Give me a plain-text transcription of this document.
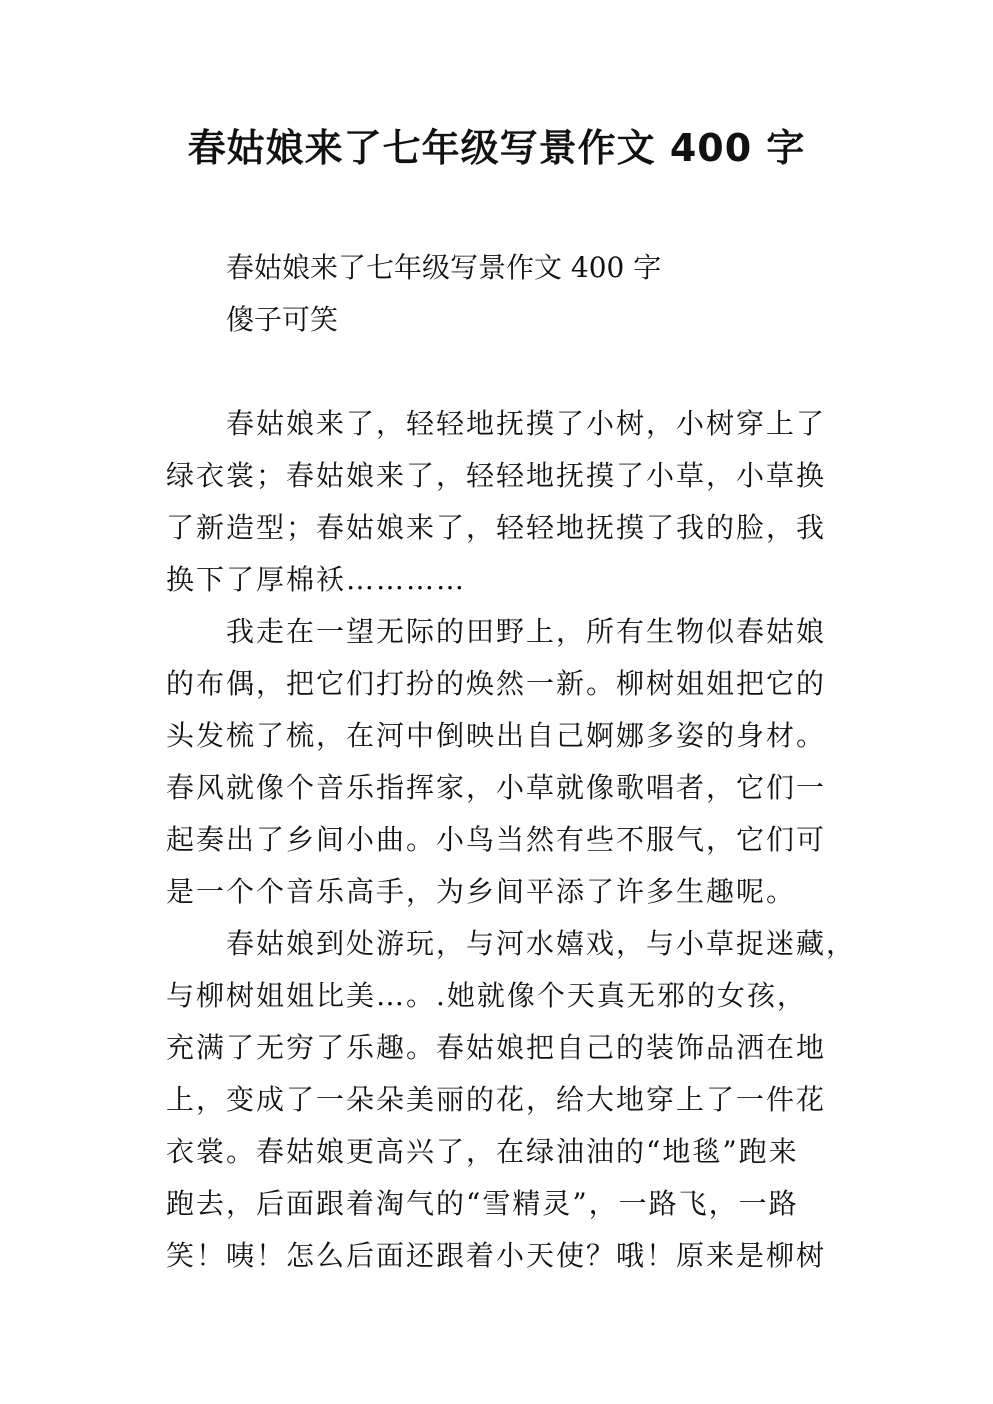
春姑娘来了七年级写景作文 400 字
春姑娘来了七年级写景作文 400 字
傻子可笑
春姑娘来了，轻轻地抚摸了小树，小树穿上了
绿衣裳；春姑娘来了，轻轻地抚摸了小草，小草换
了新造型；春姑娘来了，轻轻地抚摸了我的脸，我
换下了厚棉袄…………
我走在一望无际的田野上，所有生物似春姑娘
的布偶，把它们打扮的焕然一新。柳树姐姐把它的
头发梳了梳，在河中倒映出自己婀娜多姿的身材。
春风就像个音乐指挥家，小草就像歌唱者，它们一
起奏出了乡间小曲。小鸟当然有些不服气，它们可
是一个个音乐高手，为乡间平添了许多生趣呢。
春姑娘到处游玩，与河水嬉戏，与小草捉迷藏，
与柳树姐姐比美…。.她就像个天真无邪的女孩，
充满了无穷了乐趣。春姑娘把自己的装饰品洒在地
上，变成了一朵朵美丽的花，给大地穿上了一件花
衣裳。春姑娘更高兴了，在绿油油的“地毯”跑来
跑去，后面跟着淘气的“雪精灵”，一路飞，一路
笑！咦！怎么后面还跟着小天使？哦！原来是柳树
